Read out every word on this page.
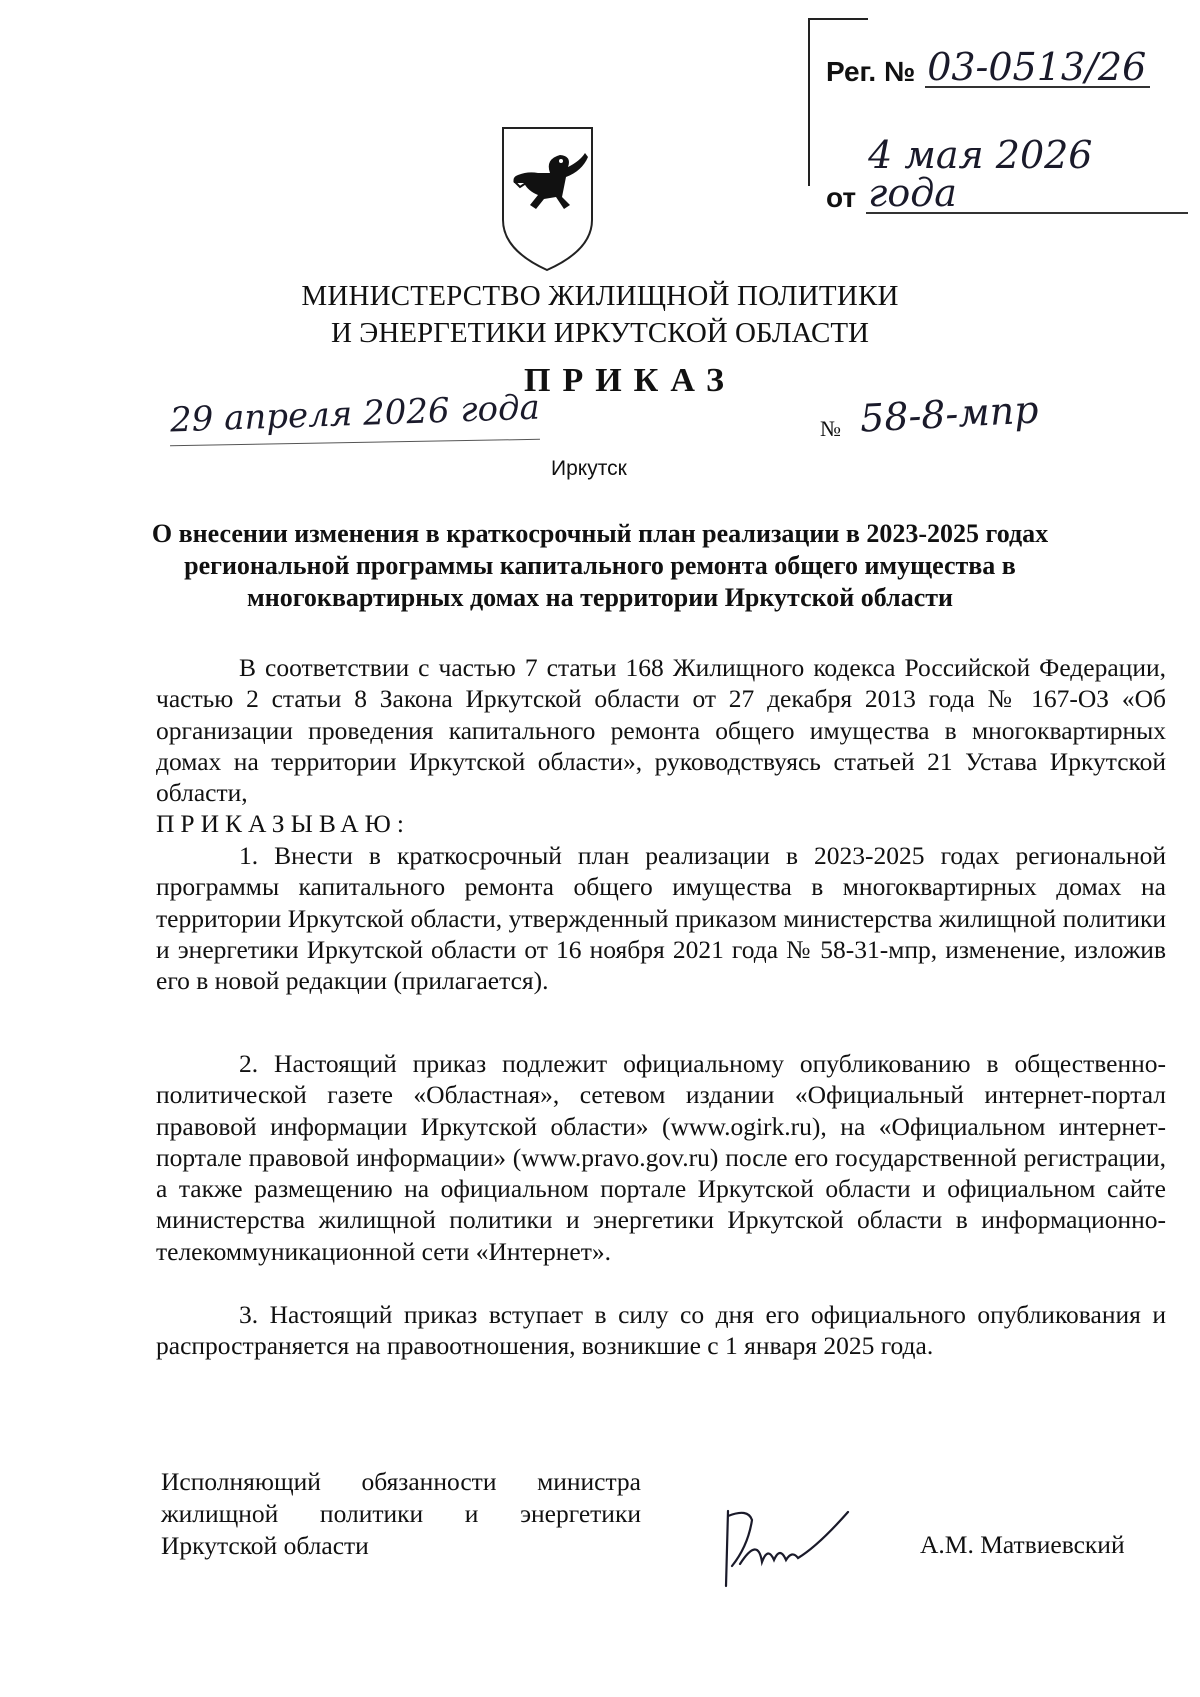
Рег. № 03-0513/26
от
4 мая 2026 года
МИНИСТЕРСТВО ЖИЛИЩНОЙ ПОЛИТИКИ
И ЭНЕРГЕТИКИ ИРКУТСКОЙ ОБЛАСТИ
ПРИКАЗ
29 апреля 2026 года	№ 58-8-мпр
Иркутск
О внесении изменения в краткосрочный план реализации в 2023-2025 годах
региональной программы капитального ремонта общего имущества в
многоквартирных домах на территории Иркутской области
В соответствии с частью 7 статьи 168 Жилищного кодекса Российской Федерации, частью 2 статьи 8 Закона Иркутской области от 27 декабря 2013 года № 167-ОЗ «Об организации проведения капитального ремонта общего имущества в многоквартирных домах на территории Иркутской области», руководствуясь статьей 21 Устава Иркутской области,
ПРИКАЗЫВАЮ:
1. Внести в краткосрочный план реализации в 2023-2025 годах региональной программы капитального ремонта общего имущества в многоквартирных домах на территории Иркутской области, утвержденный приказом министерства жилищной политики и энергетики Иркутской области от 16 ноября 2021 года № 58-31-мпр, изменение, изложив его в новой редакции (прилагается).
2. Настоящий приказ подлежит официальному опубликованию в общественно-политической газете «Областная», сетевом издании «Официальный интернет-портал правовой информации Иркутской области» (www.ogirk.ru), на «Официальном интернет-портале правовой информации» (www.pravo.gov.ru) после его государственной регистрации, а также размещению на официальном портале Иркутской области и официальном сайте министерства жилищной политики и энергетики Иркутской области в информационно-телекоммуникационной сети «Интернет».
3. Настоящий приказ вступает в силу со дня его официального опубликования и распространяется на правоотношения, возникшие с 1 января 2025 года.
Исполняющий обязанности министра
жилищной политики и энергетики
Иркутской области	А.М. Матвиевский
